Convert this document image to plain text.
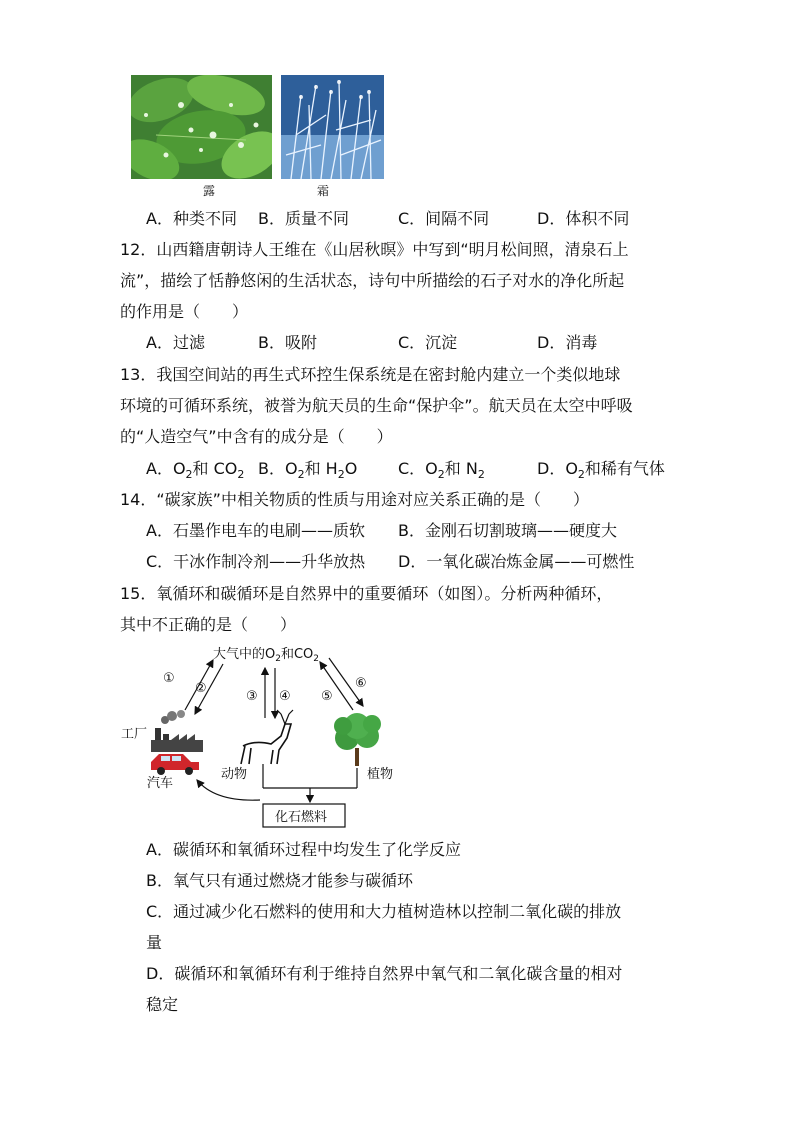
露	霜
A．种类不同 B．质量不同	C．间隔不同	D．体积不同
12．山西籍唐朝诗人王维在《山居秋暝》中写到“明月松间照，清泉石上
流”，描绘了恬静悠闲的生活状态，诗句中所描绘的石子对水的净化所起
的作用是（　　）
A．过滤	B．吸附	C．沉淀	D．消毒
13．我国空间站的再生式环控生保系统是在密封舱内建立一个类似地球
环境的可循环系统，被誉为航天员的生命“保护伞”。航天员在太空中呼吸
的“人造空气”中含有的成分是（　　）
A．$O_2$和 $CO_2$ B．$O_2$和 $H_2O$	C．$O_2$和 $N_2$	D．$O_2$和稀有气体
14．“碳家族”中相关物质的性质与用途对应关系正确的是（　　）
A．石墨作电车的电刷——质软 B．金刚石切割玻璃——硬度大
C．干冰作制冷剂——升华放热 D．一氧化碳冶炼金属——可燃性
15．氧循环和碳循环是自然界中的重要循环（如图）。分析两种循环，
其中不正确的是（　　）
大气中的$O_2$和$CO_2$
①
②
③ ④ ⑤
⑥
工厂
汽车
动物	植物
化石燃料
A．碳循环和氧循环过程中均发生了化学反应
B．氧气只有通过燃烧才能参与碳循环
C．通过减少化石燃料的使用和大力植树造林以控制二氧化碳的排放
量
D．碳循环和氧循环有利于维持自然界中氧气和二氧化碳含量的相对
稳定
